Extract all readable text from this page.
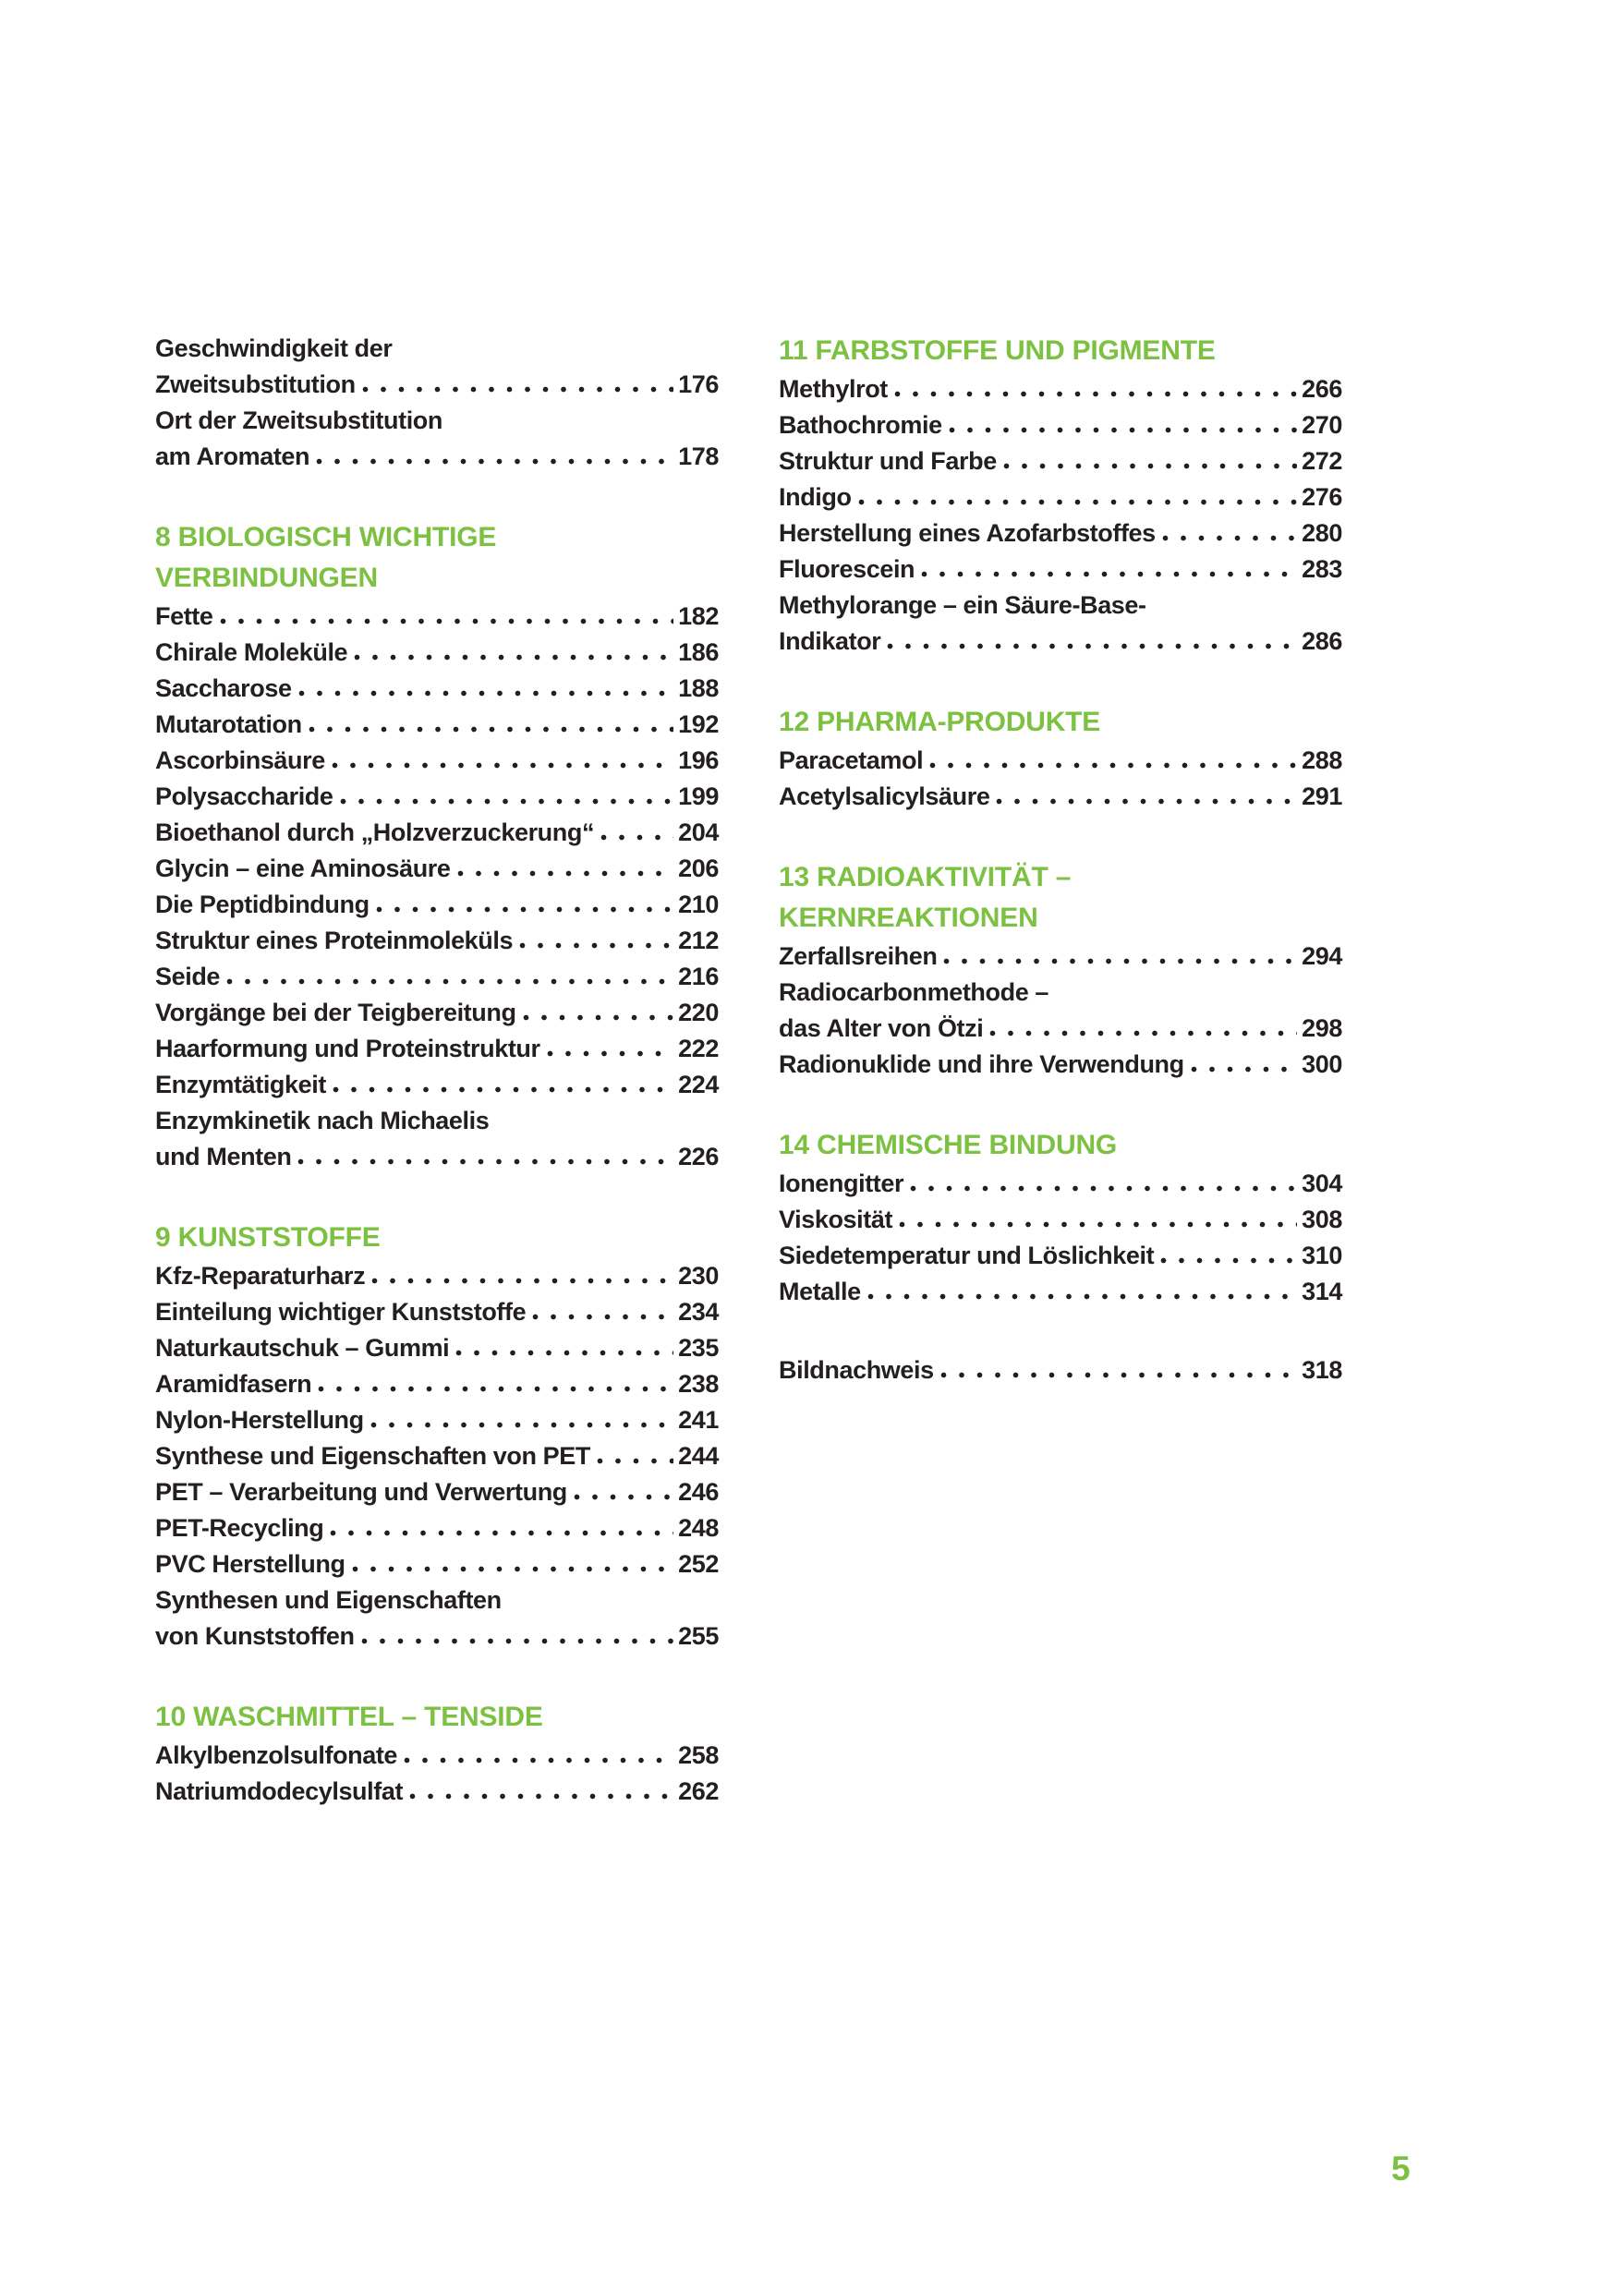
Geschwindigkeit der
Zweitsubstitution	176
Ort der Zweitsubstitution
am Aromaten	178
8 BIOLOGISCH WICHTIGE
VERBINDUNGEN
Fette	182
Chirale Moleküle	186
Saccharose	188
Mutarotation	192
Ascorbinsäure	196
Polysaccharide	199
Bioethanol durch „Holzverzuckerung“	204
Glycin – eine Aminosäure	206
Die Peptidbindung	210
Struktur eines Proteinmoleküls	212
Seide	216
Vorgänge bei der Teigbereitung	220
Haarformung und Proteinstruktur	222
Enzymtätigkeit	224
Enzymkinetik nach Michaelis
und Menten	226
9 KUNSTSTOFFE
Kfz-Reparaturharz	230
Einteilung wichtiger Kunststoffe	234
Naturkautschuk – Gummi	235
Aramidfasern	238
Nylon-Herstellung	241
Synthese und Eigenschaften von PET	244
PET – Verarbeitung und Verwertung	246
PET-Recycling	248
PVC Herstellung	252
Synthesen und Eigenschaften
von Kunststoffen	255
10 WASCHMITTEL – TENSIDE
Alkylbenzolsulfonate	258
Natriumdodecylsulfat	262
11 FARBSTOFFE UND PIGMENTE
Methylrot	266
Bathochromie	270
Struktur und Farbe	272
Indigo	276
Herstellung eines Azofarbstoffes	280
Fluorescein	283
Methylorange – ein Säure-Base-
Indikator	286
12 PHARMA-PRODUKTE
Paracetamol	288
Acetylsalicylsäure	291
13 RADIOAKTIVITÄT –
KERNREAKTIONEN
Zerfallsreihen	294
Radiocarbonmethode –
das Alter von Ötzi	298
Radionuklide und ihre Verwendung	300
14 CHEMISCHE BINDUNG
Ionengitter	304
Viskosität	308
Siedetemperatur und Löslichkeit	310
Metalle	314
Bildnachweis	318
5
